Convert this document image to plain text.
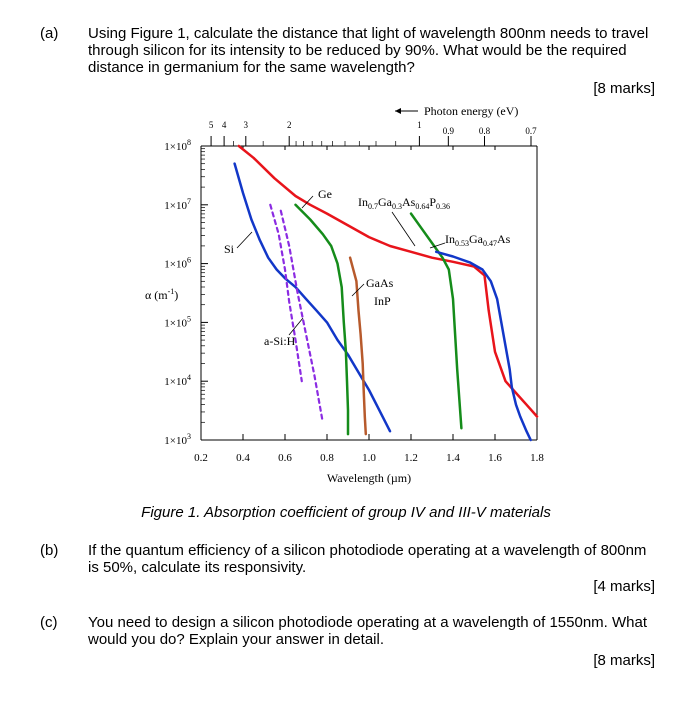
(a) Using Figure 1, calculate the distance that light of wavelength 800nm needs to travel through silicon for its intensity to be reduced by 90%. What would be the required distance in germanium for the same wavelength?
[8 marks]
0.2	0.4	0.6	0.8	1.0	1.2	1.4	1.6	1.8
$1\times 10^8$
$1\times 10^7$
$1\times 10^6$
$1\times 10^5$
$1\times 10^4$
$1\times 10^3$
5 4 3	2	1
0.9	0.8	0.7
α $(m^{-1})$
Wavelength (µm)
Photon energy (eV)
Ge
Si
GaAs
InP
a-Si:H
$In_{0.7}Ga_{0.3}As_{0.64}P_{0.36}$
$In_{0.53}Ga_{0.47}As$
Figure 1. Absorption coefficient of group IV and III-V materials
(b) If the quantum efficiency of a silicon photodiode operating at a wavelength of 800nm is 50%, calculate its responsivity.
[4 marks]
(c) You need to design a silicon photodiode operating at a wavelength of 1550nm. What would you do? Explain your answer in detail.
[8 marks]
